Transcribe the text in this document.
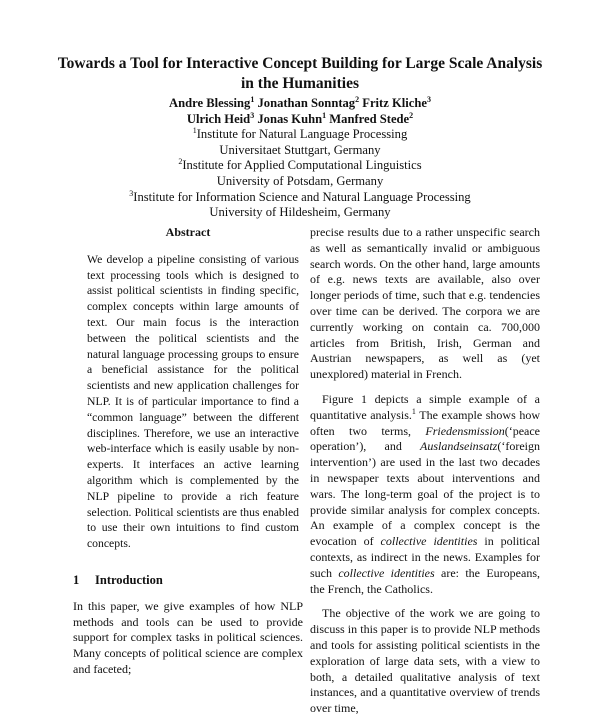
Towards a Tool for Interactive Concept Building for Large Scale Analysis
in the Humanities
Andre Blessing$^1$ Jonathan Sonntag$^2$ Fritz Kliche$^3$
Ulrich Heid$^3$ Jonas Kuhn$^1$ Manfred Stede$^2$
$^1$Institute for Natural Language Processing
Universitaet Stuttgart, Germany
$^2$Institute for Applied Computational Linguistics
University of Potsdam, Germany
$^3$Institute for Information Science and Natural Language Processing
University of Hildesheim, Germany
Abstract

We develop a pipeline consisting of various text processing tools which is designed to assist political scientists in finding specific, complex concepts within large amounts of text. Our main focus is the interaction between the political scientists and the natural language processing groups to ensure a beneficial assistance for the political scientists and new application challenges for NLP. It is of particular importance to find a “common language” between the different disciplines. Therefore, we use an interactive web-interface which is easily usable by non-experts. It interfaces an active learning algorithm which is complemented by the NLP pipeline to provide a rich feature selection. Political scientists are thus enabled to use their own intuitions to find custom concepts.

1 Introduction

In this paper, we give examples of how NLP methods and tools can be used to provide support for complex tasks in political sciences. Many concepts of political science are complex and faceted;

precise results due to a rather unspecific search as well as semantically invalid or ambiguous search words. On the other hand, large amounts of e.g. news texts are available, also over longer periods of time, such that e.g. tendencies over time can be derived. The corpora we are currently working on contain ca. 700,000 articles from British, Irish, German and Austrian newspapers, as well as (yet unexplored) material in French.

Figure 1 depicts a simple example of a quantitative analysis.$^1$ The example shows how often two terms, Friedensmission(‘peace operation’), and Auslandseinsatz(‘foreign intervention’) are used in the last two decades in newspaper texts about interventions and wars. The long-term goal of the project is to provide similar analysis for complex concepts. An example of a complex concept is the evocation of collective identities in political contexts, as indirect in the news. Examples for such collective identities are: the Europeans, the French, the Catholics.

The objective of the work we are going to discuss in this paper is to provide NLP methods and tools for assisting political scientists in the exploration of large data sets, with a view to both, a detailed qualitative analysis of text instances, and a quantitative overview of trends over time,
